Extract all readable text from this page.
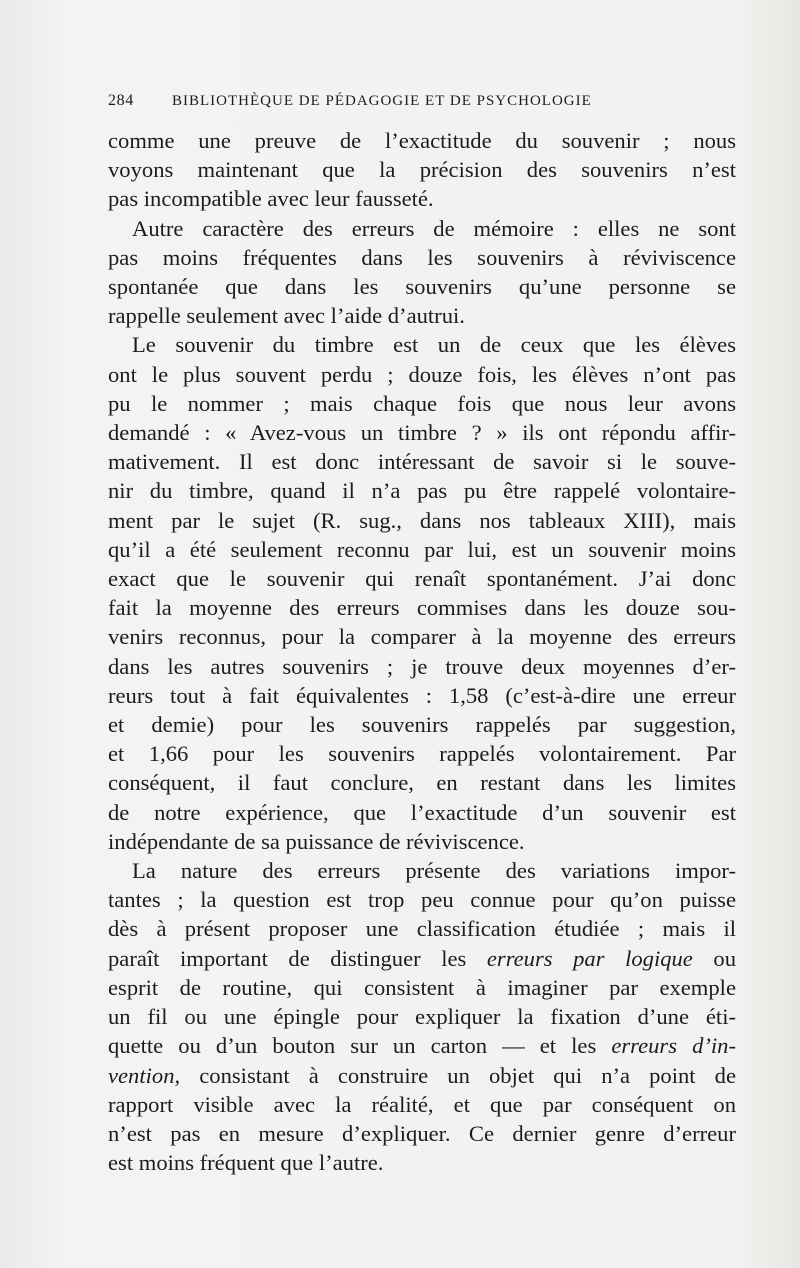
284	BIBLIOTHÈQUE DE PÉDAGOGIE ET DE PSYCHOLOGIE
comme une preuve de l’exactitude du souvenir ; nous
voyons maintenant que la précision des souvenirs n’est
pas incompatible avec leur fausseté.
Autre caractère des erreurs de mémoire : elles ne sont
pas moins fréquentes dans les souvenirs à réviviscence
spontanée que dans les souvenirs qu’une personne se
rappelle seulement avec l’aide d’autrui.
Le souvenir du timbre est un de ceux que les élèves
ont le plus souvent perdu ; douze fois, les élèves n’ont pas
pu le nommer ; mais chaque fois que nous leur avons
demandé : « Avez-vous un timbre ? » ils ont répondu affir-
mativement. Il est donc intéressant de savoir si le souve-
nir du timbre, quand il n’a pas pu être rappelé volontaire-
ment par le sujet (R. sug., dans nos tableaux XIII), mais
qu’il a été seulement reconnu par lui, est un souvenir moins
exact que le souvenir qui renaît spontanément. J’ai donc
fait la moyenne des erreurs commises dans les douze sou-
venirs reconnus, pour la comparer à la moyenne des erreurs
dans les autres souvenirs ; je trouve deux moyennes d’er-
reurs tout à fait équivalentes : 1,58 (c’est-à-dire une erreur
et demie) pour les souvenirs rappelés par suggestion,
et 1,66 pour les souvenirs rappelés volontairement. Par
conséquent, il faut conclure, en restant dans les limites
de notre expérience, que l’exactitude d’un souvenir est
indépendante de sa puissance de réviviscence.
La nature des erreurs présente des variations impor-
tantes ; la question est trop peu connue pour qu’on puisse
dès à présent proposer une classification étudiée ; mais il
paraît important de distinguer les erreurs par logique ou
esprit de routine, qui consistent à imaginer par exemple
un fil ou une épingle pour expliquer la fixation d’une éti-
quette ou d’un bouton sur un carton — et les erreurs d’in-
vention, consistant à construire un objet qui n’a point de
rapport visible avec la réalité, et que par conséquent on
n’est pas en mesure d’expliquer. Ce dernier genre d’erreur
est moins fréquent que l’autre.
